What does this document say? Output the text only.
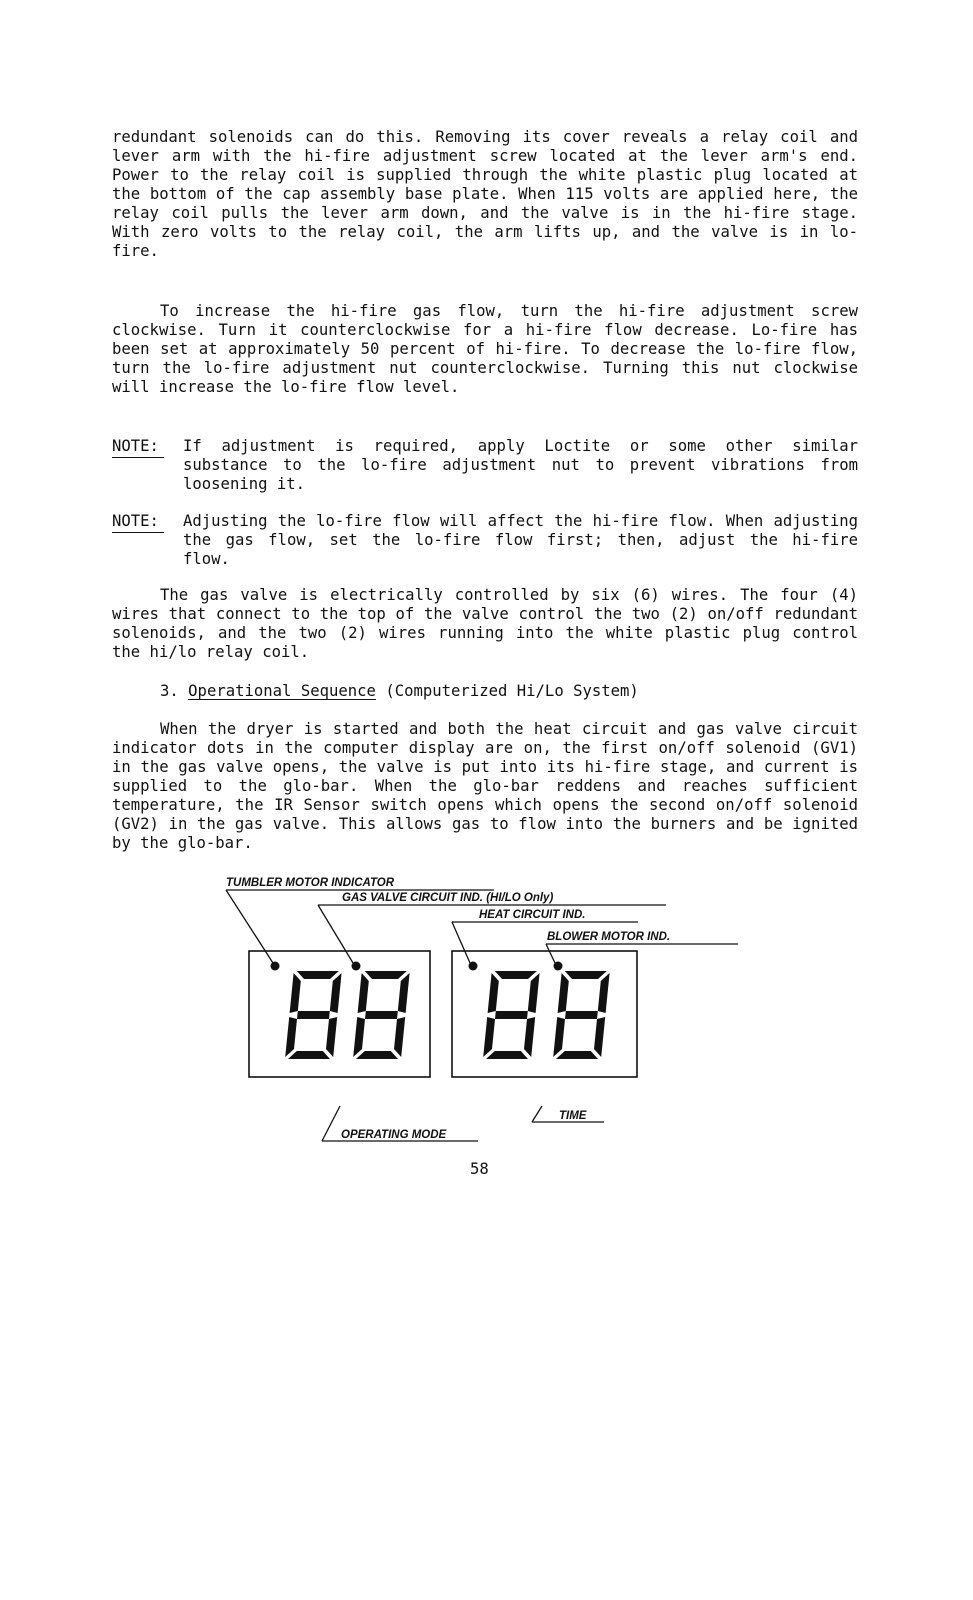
redundant solenoids can do this. Removing its cover reveals a relay coil and lever arm with the hi-fire adjustment screw located at the lever arm's end. Power to the relay coil is supplied through the white plastic plug located at the bottom of the cap assembly base plate. When 115 volts are applied here, the relay coil pulls the lever arm down, and the valve is in the hi-fire stage. With zero volts to the relay coil, the arm lifts up, and the valve is in lo-fire.
To increase the hi-fire gas flow, turn the hi-fire adjustment screw clockwise. Turn it counterclockwise for a hi-fire flow decrease. Lo-fire has been set at approximately 50 percent of hi-fire. To decrease the lo-fire flow, turn the lo-fire adjustment nut counterclockwise. Turning this nut clockwise will increase the lo-fire flow level.
NOTE: If adjustment is required, apply Loctite or some other similar substance to the lo-fire adjustment nut to prevent vibrations from loosening it.
NOTE: Adjusting the lo-fire flow will affect the hi-fire flow. When adjusting the gas flow, set the lo-fire flow first; then, adjust the hi-fire flow.
The gas valve is electrically controlled by six (6) wires. The four (4) wires that connect to the top of the valve control the two (2) on/off redundant solenoids, and the two (2) wires running into the white plastic plug control the hi/lo relay coil.
3. Operational Sequence (Computerized Hi/Lo System)
When the dryer is started and both the heat circuit and gas valve circuit indicator dots in the computer display are on, the first on/off solenoid (GV1) in the gas valve opens, the valve is put into its hi-fire stage, and current is supplied to the glo-bar. When the glo-bar reddens and reaches sufficient temperature, the IR Sensor switch opens which opens the second on/off solenoid (GV2) in the gas valve. This allows gas to flow into the burners and be ignited by the glo-bar.
TUMBLER MOTOR INDICATOR
GAS VALVE CIRCUIT IND. (HI/LO Only)
HEAT CIRCUIT IND.
BLOWER MOTOR IND.
OPERATING MODE
TIME
58
